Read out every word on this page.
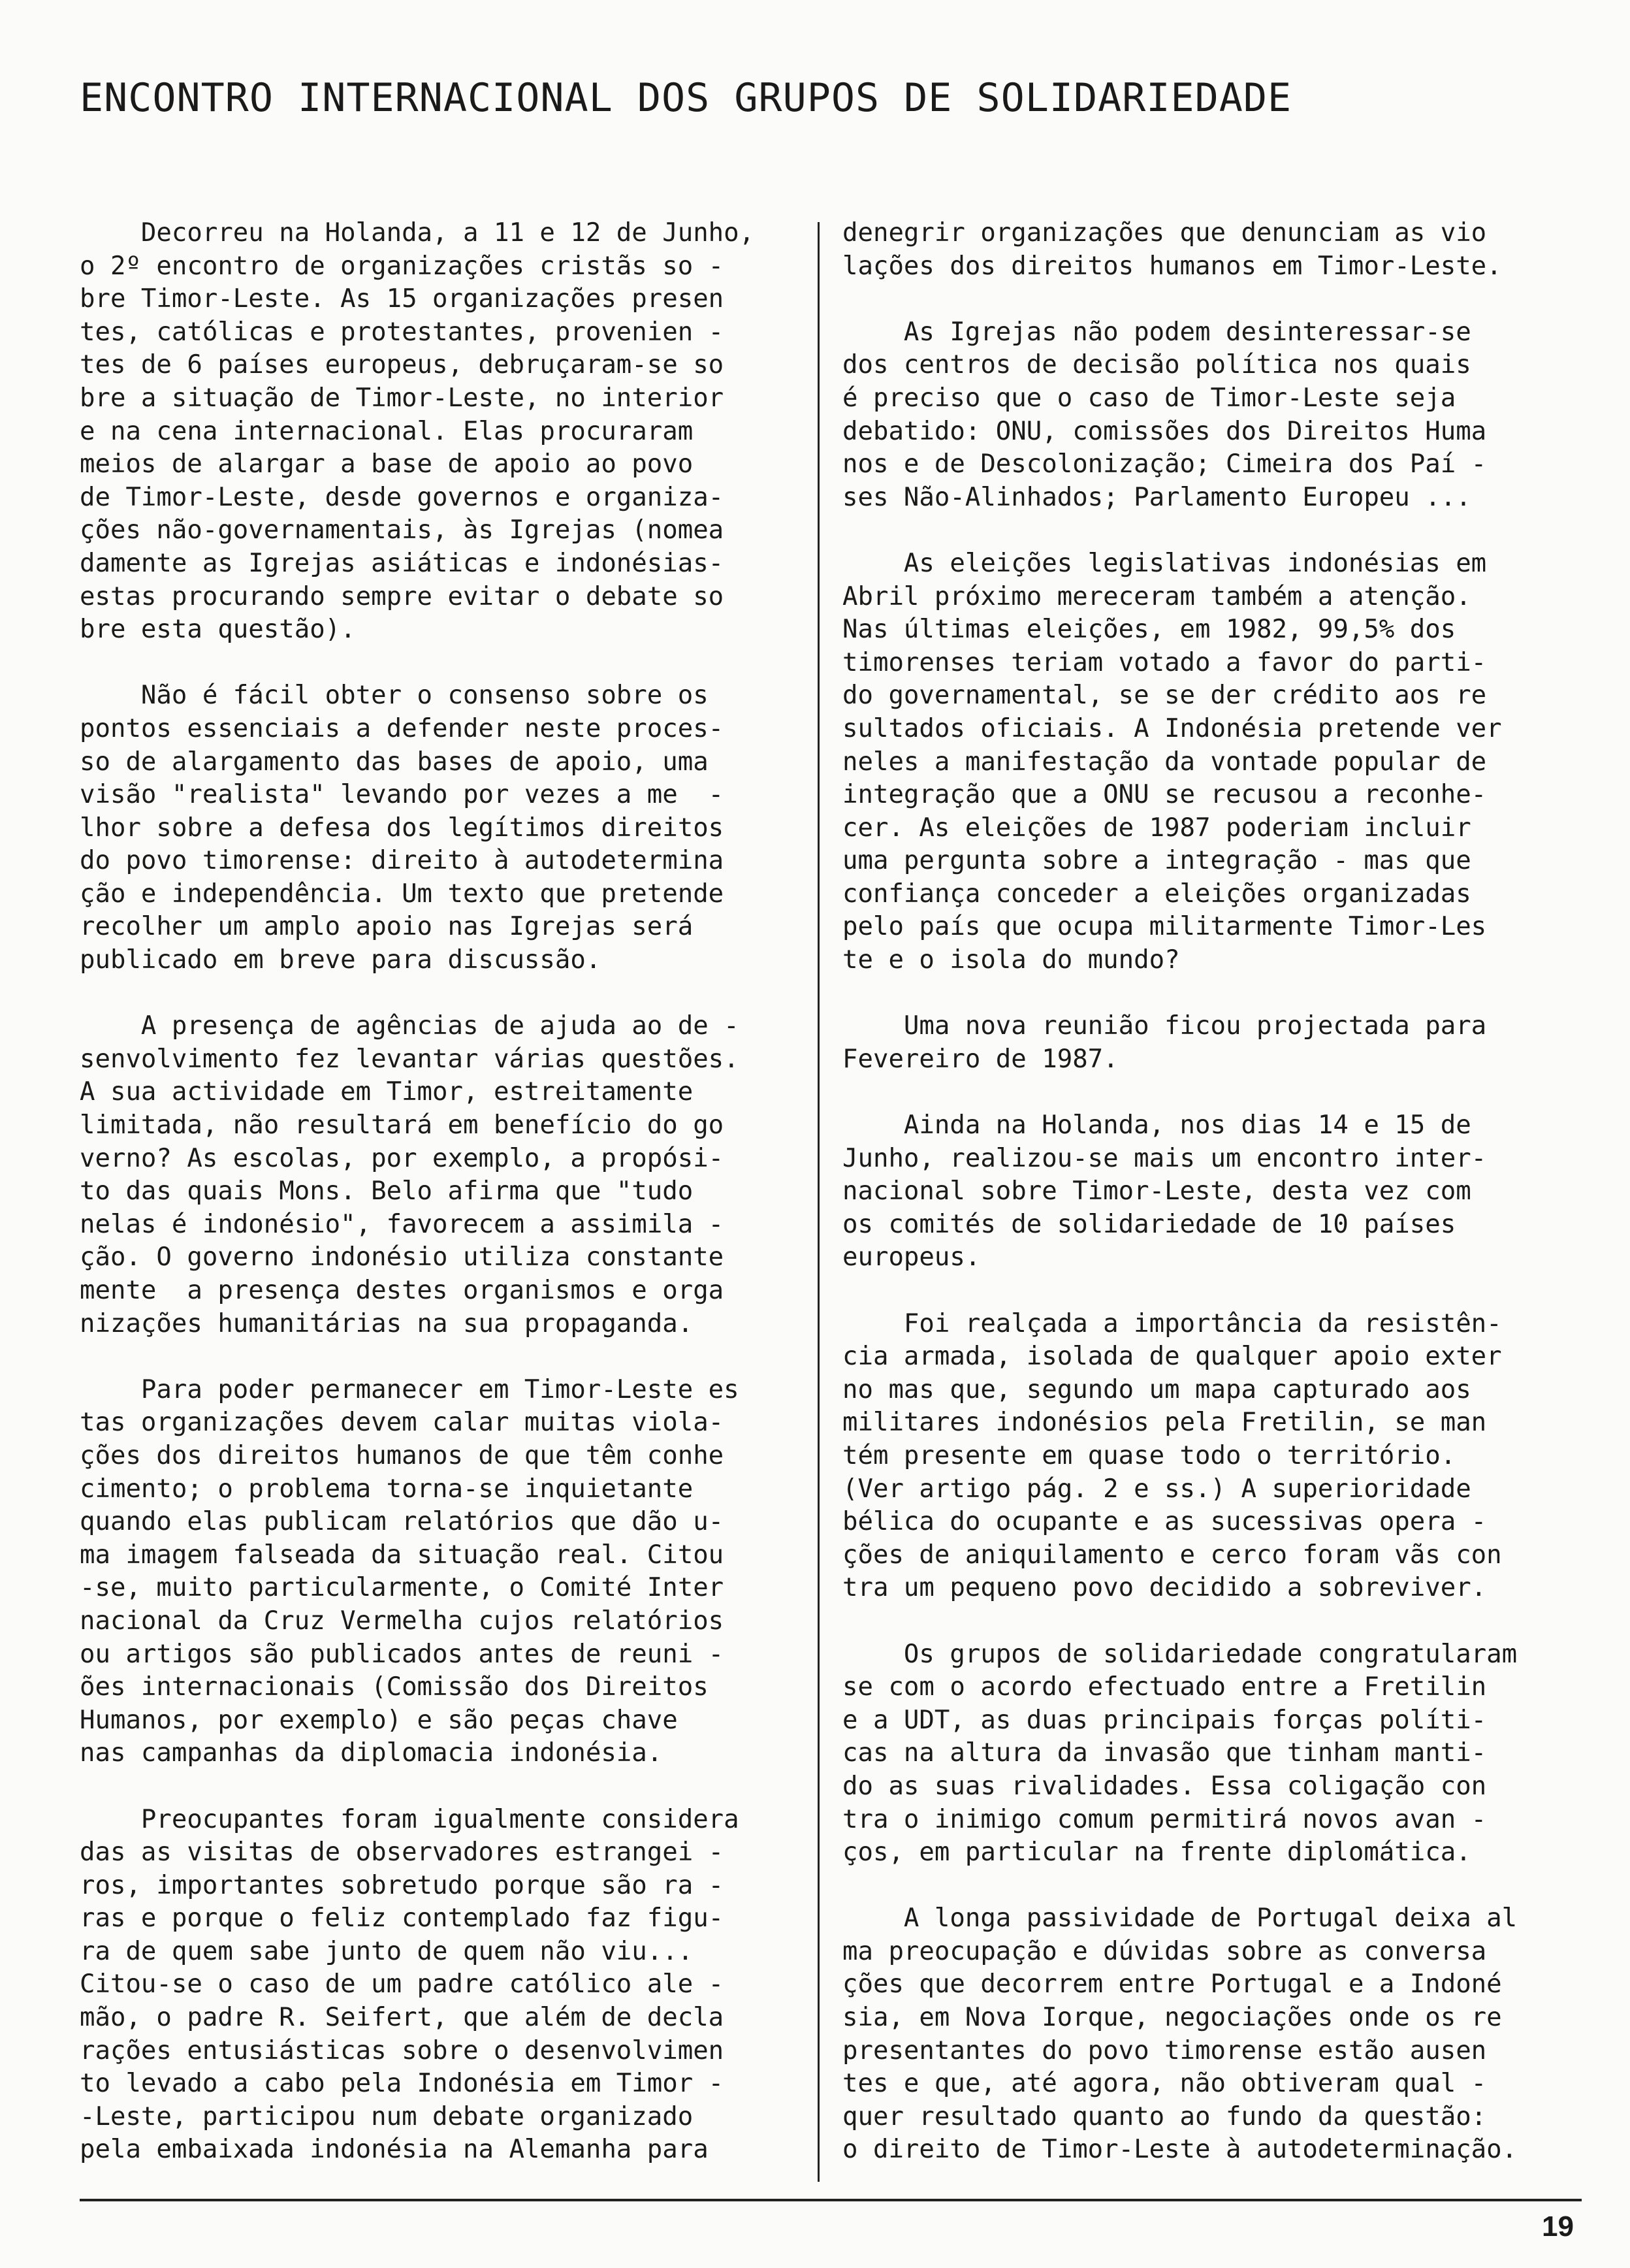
ENCONTRO INTERNACIONAL DOS GRUPOS DE SOLIDARIEDADE
Decorreu na Holanda, a 11 e 12 de Junho,
o 2º encontro de organizações cristãs so -
bre Timor-Leste. As 15 organizações presen
tes, católicas e protestantes, provenien -
tes de 6 países europeus, debruçaram-se so
bre a situação de Timor-Leste, no interior
e na cena internacional. Elas procuraram
meios de alargar a base de apoio ao povo
de Timor-Leste, desde governos e organiza-
ções não-governamentais, às Igrejas (nomea
damente as Igrejas asiáticas e indonésias-
estas procurando sempre evitar o debate so
bre esta questão).
Não é fácil obter o consenso sobre os
pontos essenciais a defender neste proces-
so de alargamento das bases de apoio, uma
visão "realista" levando por vezes a me  -
lhor sobre a defesa dos legítimos direitos
do povo timorense: direito à autodetermina
ção e independência. Um texto que pretende
recolher um amplo apoio nas Igrejas será
publicado em breve para discussão.
A presença de agências de ajuda ao de -
senvolvimento fez levantar várias questões.
A sua actividade em Timor, estreitamente
limitada, não resultará em benefício do go
verno? As escolas, por exemplo, a propósi-
to das quais Mons. Belo afirma que "tudo
nelas é indonésio", favorecem a assimila -
ção. O governo indonésio utiliza constante
mente  a presença destes organismos e orga
nizações humanitárias na sua propaganda.
Para poder permanecer em Timor-Leste es
tas organizações devem calar muitas viola-
ções dos direitos humanos de que têm conhe
cimento; o problema torna-se inquietante
quando elas publicam relatórios que dão u-
ma imagem falseada da situação real. Citou
-se, muito particularmente, o Comité Inter
nacional da Cruz Vermelha cujos relatórios
ou artigos são publicados antes de reuni -
ões internacionais (Comissão dos Direitos
Humanos, por exemplo) e são peças chave
nas campanhas da diplomacia indonésia.
Preocupantes foram igualmente considera
das as visitas de observadores estrangei -
ros, importantes sobretudo porque são ra -
ras e porque o feliz contemplado faz figu-
ra de quem sabe junto de quem não viu...
Citou-se o caso de um padre católico ale -
mão, o padre R. Seifert, que além de decla
rações entusiásticas sobre o desenvolvimen
to levado a cabo pela Indonésia em Timor -
-Leste, participou num debate organizado
pela embaixada indonésia na Alemanha para
denegrir organizações que denunciam as vio
lações dos direitos humanos em Timor-Leste.
As Igrejas não podem desinteressar-se
dos centros de decisão política nos quais
é preciso que o caso de Timor-Leste seja
debatido: ONU, comissões dos Direitos Huma
nos e de Descolonização; Cimeira dos Paí -
ses Não-Alinhados; Parlamento Europeu ...
As eleições legislativas indonésias em
Abril próximo mereceram também a atenção.
Nas últimas eleições, em 1982, 99,5% dos
timorenses teriam votado a favor do parti-
do governamental, se se der crédito aos re
sultados oficiais. A Indonésia pretende ver
neles a manifestação da vontade popular de
integração que a ONU se recusou a reconhe-
cer. As eleições de 1987 poderiam incluir
uma pergunta sobre a integração - mas que
confiança conceder a eleições organizadas
pelo país que ocupa militarmente Timor-Les
te e o isola do mundo?
Uma nova reunião ficou projectada para
Fevereiro de 1987.
Ainda na Holanda, nos dias 14 e 15 de
Junho, realizou-se mais um encontro inter-
nacional sobre Timor-Leste, desta vez com
os comités de solidariedade de 10 países
europeus.
Foi realçada a importância da resistên-
cia armada, isolada de qualquer apoio exter
no mas que, segundo um mapa capturado aos
militares indonésios pela Fretilin, se man
tém presente em quase todo o território.
(Ver artigo pág. 2 e ss.) A superioridade
bélica do ocupante e as sucessivas opera -
ções de aniquilamento e cerco foram vãs con
tra um pequeno povo decidido a sobreviver.
Os grupos de solidariedade congratularam
se com o acordo efectuado entre a Fretilin
e a UDT, as duas principais forças políti-
cas na altura da invasão que tinham manti-
do as suas rivalidades. Essa coligação con
tra o inimigo comum permitirá novos avan -
ços, em particular na frente diplomática.
A longa passividade de Portugal deixa al
ma preocupação e dúvidas sobre as conversa
ções que decorrem entre Portugal e a Indoné
sia, em Nova Iorque, negociações onde os re
presentantes do povo timorense estão ausen
tes e que, até agora, não obtiveram qual -
quer resultado quanto ao fundo da questão:
o direito de Timor-Leste à autodeterminação.
19
